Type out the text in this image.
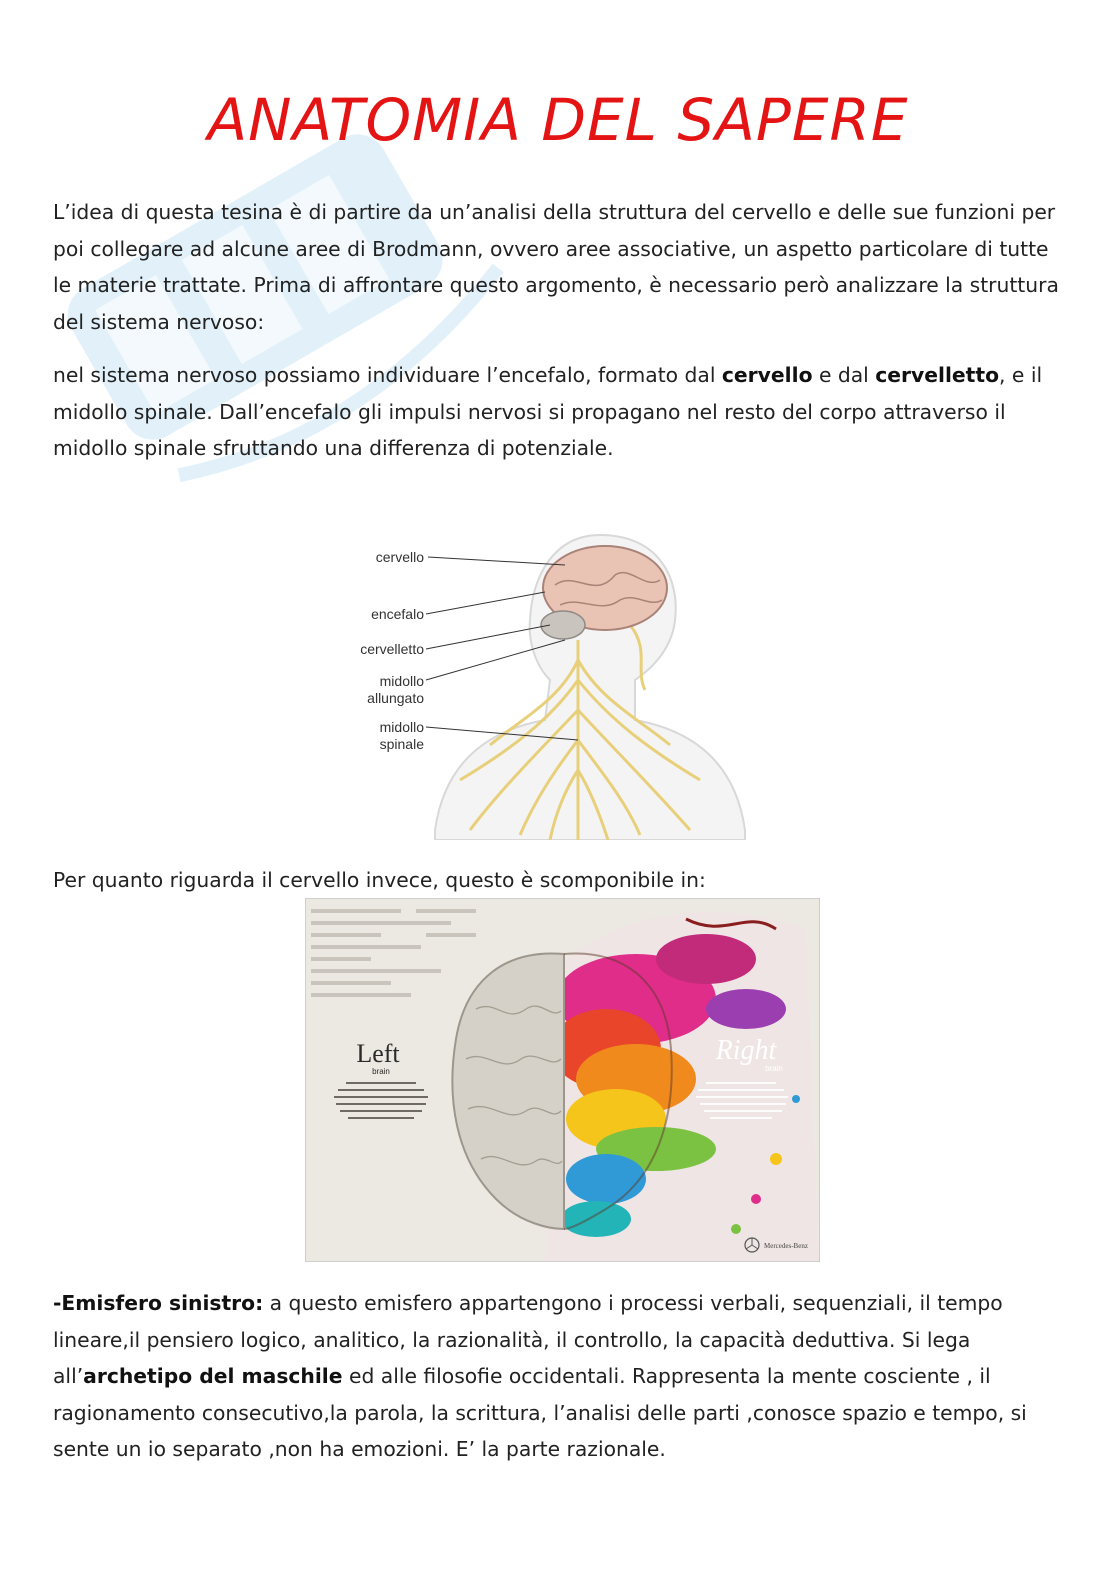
ANATOMIA DEL SAPERE

L’idea di questa tesina è di partire da un’analisi della struttura del cervello e delle sue funzioni per poi collegare ad alcune aree di Brodmann, ovvero aree associative, un aspetto particolare di tutte le materie trattate. Prima di affrontare questo argomento, è necessario però analizzare la struttura del sistema nervoso:

nel sistema nervoso possiamo individuare l’encefalo, formato dal cervello e dal cervelletto, e il midollo spinale. Dall’encefalo gli impulsi nervosi si propagano nel resto del corpo attraverso il midollo spinale sfruttando una differenza di potenziale.

cervello
encefalo
cervelletto
midollo
allungato
midollo
spinale

Per quanto riguarda il cervello invece, questo è scomponibile in:

Left
brain
Right
brain
Mercedes-Benz

-Emisfero sinistro: a questo emisfero appartengono i processi verbali, sequenziali, il tempo lineare,il pensiero logico, analitico, la razionalità, il controllo, la capacità deduttiva. Si lega all’archetipo del maschile ed alle filosofie occidentali. Rappresenta la mente cosciente , il ragionamento consecutivo,la parola, la scrittura, l’analisi delle parti ,conosce spazio e tempo, si sente un io separato ,non ha emozioni. E’ la parte razionale.
